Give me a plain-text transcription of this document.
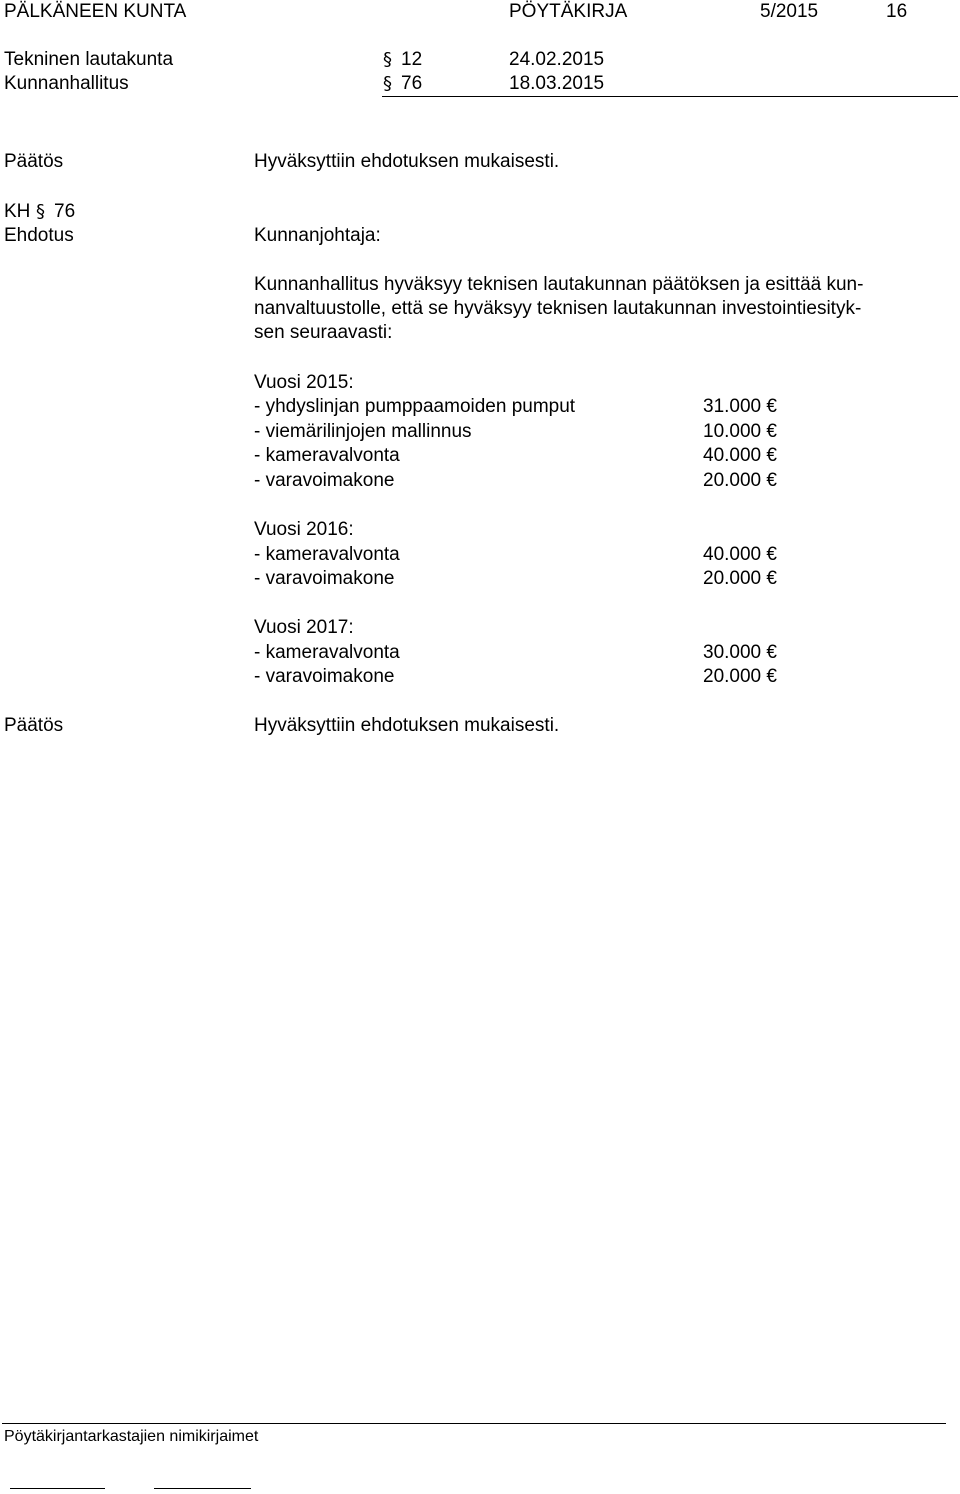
PÄLKÄNEEN KUNTA	PÖYTÄKIRJA	5/2015	16
Tekninen lautakunta	§ 12	24.02.2015
Kunnanhallitus	§ 76	18.03.2015
Päätös	Hyväksyttiin ehdotuksen mukaisesti.
KH § 76
Ehdotus	Kunnanjohtaja:
Kunnanhallitus hyväksyy teknisen lautakunnan päätöksen ja esittää kun-
nanvaltuustolle, että se hyväksyy teknisen lautakunnan investointiesityk-
sen seuraavasti:
Vuosi 2015:
- yhdyslinjan pumppaamoiden pumput	31.000 €
- viemärilinjojen mallinnus	10.000 €
- kameravalvonta	40.000 €
- varavoimakone	20.000 €
Vuosi 2016:
- kameravalvonta	40.000 €
- varavoimakone	20.000 €
Vuosi 2017:
- kameravalvonta	30.000 €
- varavoimakone	20.000 €
Päätös	Hyväksyttiin ehdotuksen mukaisesti.
Pöytäkirjantarkastajien nimikirjaimet
